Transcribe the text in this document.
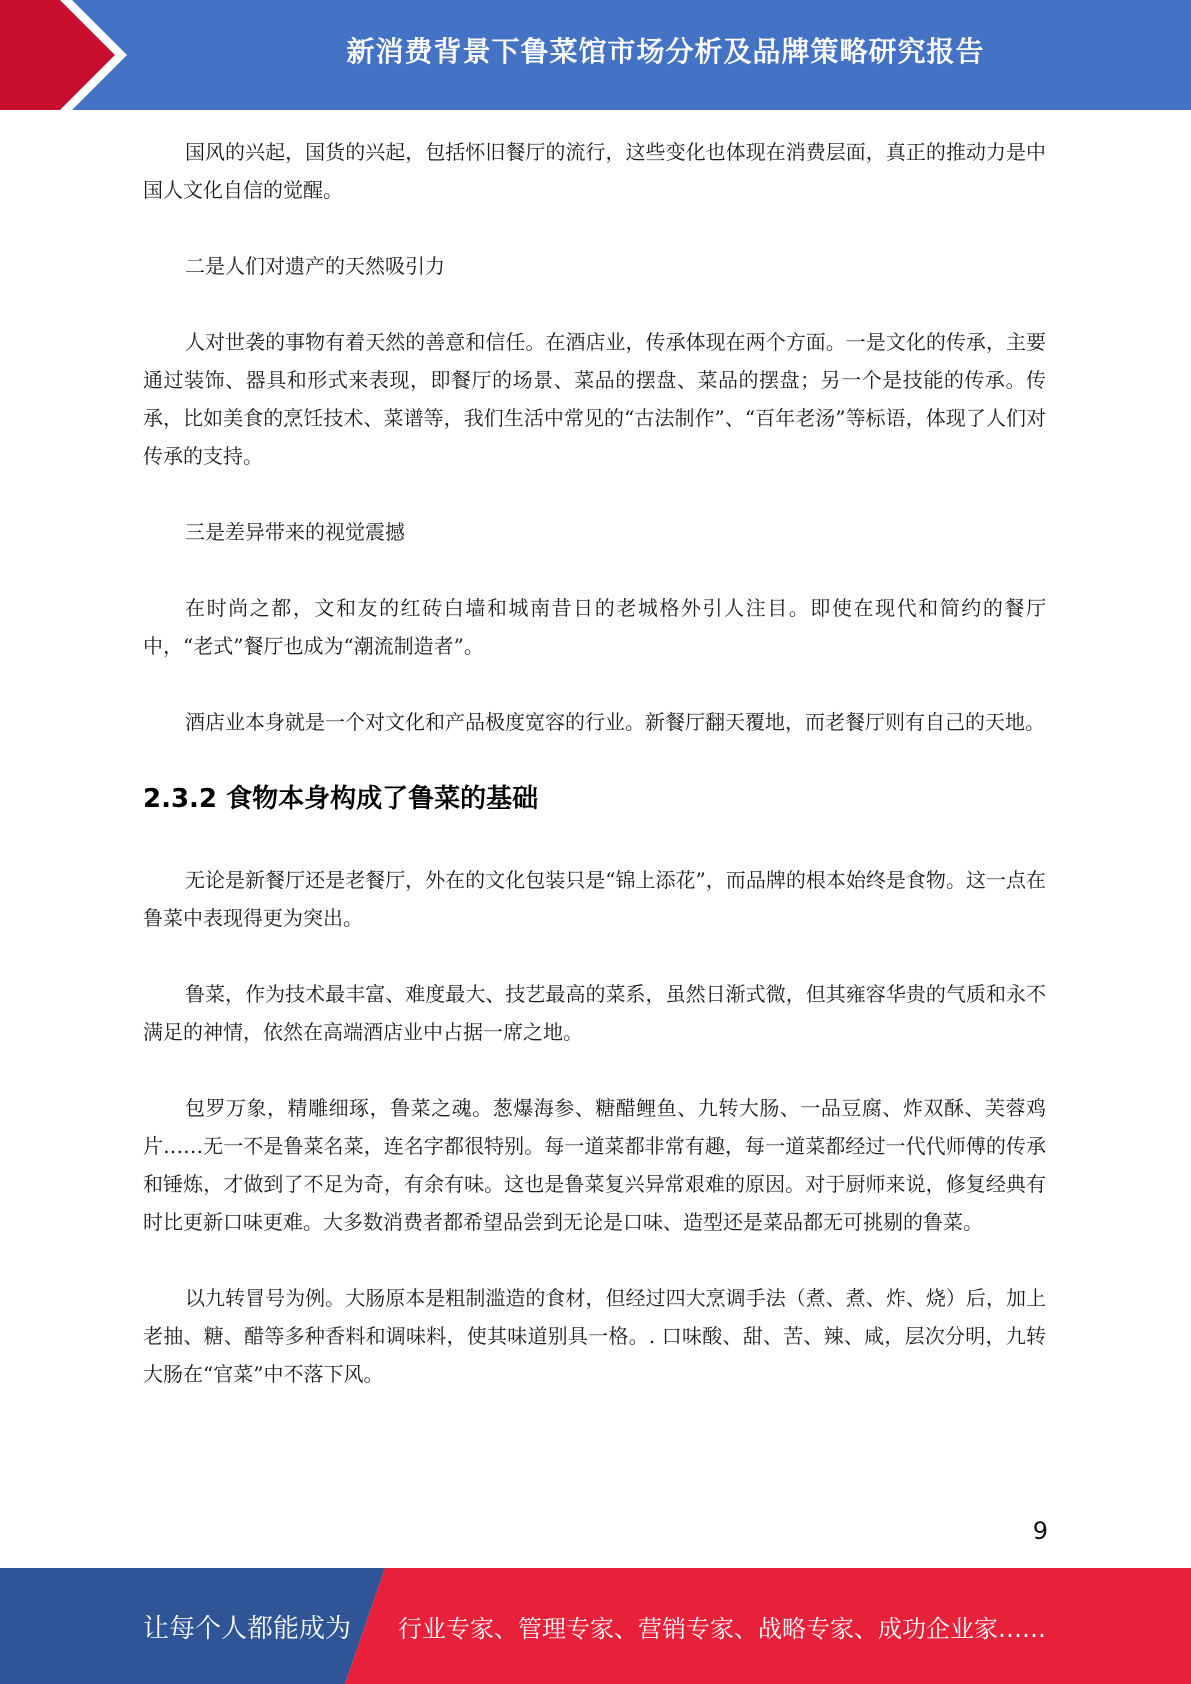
新消费背景下鲁菜馆市场分析及品牌策略研究报告

国风的兴起，国货的兴起，包括怀旧餐厅的流行，这些变化也体现在消费层面，真正的推动力是中国人文化自信的觉醒。

二是人们对遗产的天然吸引力

人对世袭的事物有着天然的善意和信任。在酒店业，传承体现在两个方面。一是文化的传承，主要通过装饰、器具和形式来表现，即餐厅的场景、菜品的摆盘、菜品的摆盘；另一个是技能的传承。传承，比如美食的烹饪技术、菜谱等，我们生活中常见的“古法制作”、“百年老汤”等标语，体现了人们对传承的支持。

三是差异带来的视觉震撼

在时尚之都，文和友的红砖白墙和城南昔日的老城格外引人注目。即使在现代和简约的餐厅中，“老式”餐厅也成为“潮流制造者”。

酒店业本身就是一个对文化和产品极度宽容的行业。新餐厅翻天覆地，而老餐厅则有自己的天地。

2.3.2 食物本身构成了鲁菜的基础

无论是新餐厅还是老餐厅，外在的文化包装只是“锦上添花”，而品牌的根本始终是食物。这一点在鲁菜中表现得更为突出。

鲁菜，作为技术最丰富、难度最大、技艺最高的菜系，虽然日渐式微，但其雍容华贵的气质和永不满足的神情，依然在高端酒店业中占据一席之地。

包罗万象，精雕细琢，鲁菜之魂。葱爆海参、糖醋鲤鱼、九转大肠、一品豆腐、炸双酥、芙蓉鸡片……无一不是鲁菜名菜，连名字都很特别。每一道菜都非常有趣，每一道菜都经过一代代师傅的传承和锤炼，才做到了不足为奇，有余有味。这也是鲁菜复兴异常艰难的原因。对于厨师来说，修复经典有时比更新口味更难。大多数消费者都希望品尝到无论是口味、造型还是菜品都无可挑剔的鲁菜。

以九转冒号为例。大肠原本是粗制滥造的食材，但经过四大烹调手法（煮、煮、炸、烧）后，加上老抽、糖、醋等多种香料和调味料，使其味道别具一格。. 口味酸、甜、苦、辣、咸，层次分明，九转大肠在“官菜”中不落下风。

9
让每个人都能成为 行业专家、管理专家、营销专家、战略专家、成功企业家……
